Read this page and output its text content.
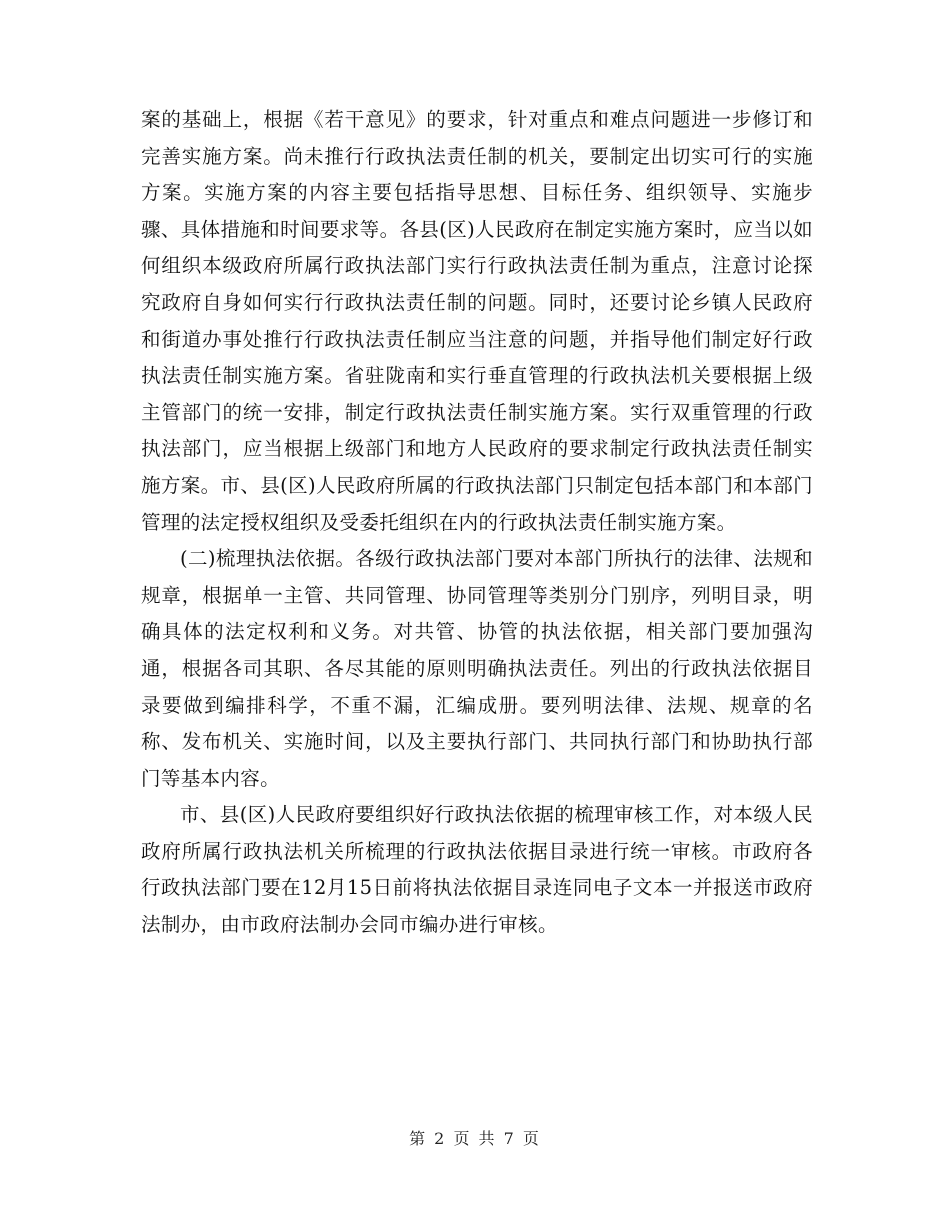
案的基础上，根据《若干意见》的要求，针对重点和难点问题进一步修订和完善实施方案。尚未推行行政执法责任制的机关，要制定出切实可行的实施方案。实施方案的内容主要包括指导思想、目标任务、组织领导、实施步骤、具体措施和时间要求等。各县(区)人民政府在制定实施方案时，应当以如何组织本级政府所属行政执法部门实行行政执法责任制为重点，注意讨论探究政府自身如何实行行政执法责任制的问题。同时，还要讨论乡镇人民政府和街道办事处推行行政执法责任制应当注意的问题，并指导他们制定好行政执法责任制实施方案。省驻陇南和实行垂直管理的行政执法机关要根据上级主管部门的统一安排，制定行政执法责任制实施方案。实行双重管理的行政执法部门，应当根据上级部门和地方人民政府的要求制定行政执法责任制实施方案。市、县(区)人民政府所属的行政执法部门只制定包括本部门和本部门管理的法定授权组织及受委托组织在内的行政执法责任制实施方案。

(二)梳理执法依据。各级行政执法部门要对本部门所执行的法律、法规和规章，根据单一主管、共同管理、协同管理等类别分门别序，列明目录，明确具体的法定权利和义务。对共管、协管的执法依据，相关部门要加强沟通，根据各司其职、各尽其能的原则明确执法责任。列出的行政执法依据目录要做到编排科学，不重不漏，汇编成册。要列明法律、法规、规章的名称、发布机关、实施时间，以及主要执行部门、共同执行部门和协助执行部门等基本内容。

市、县(区)人民政府要组织好行政执法依据的梳理审核工作，对本级人民政府所属行政执法机关所梳理的行政执法依据目录进行统一审核。市政府各行政执法部门要在12月15日前将执法依据目录连同电子文本一并报送市政府法制办，由市政府法制办会同市编办进行审核。

第 2 页 共 7 页
